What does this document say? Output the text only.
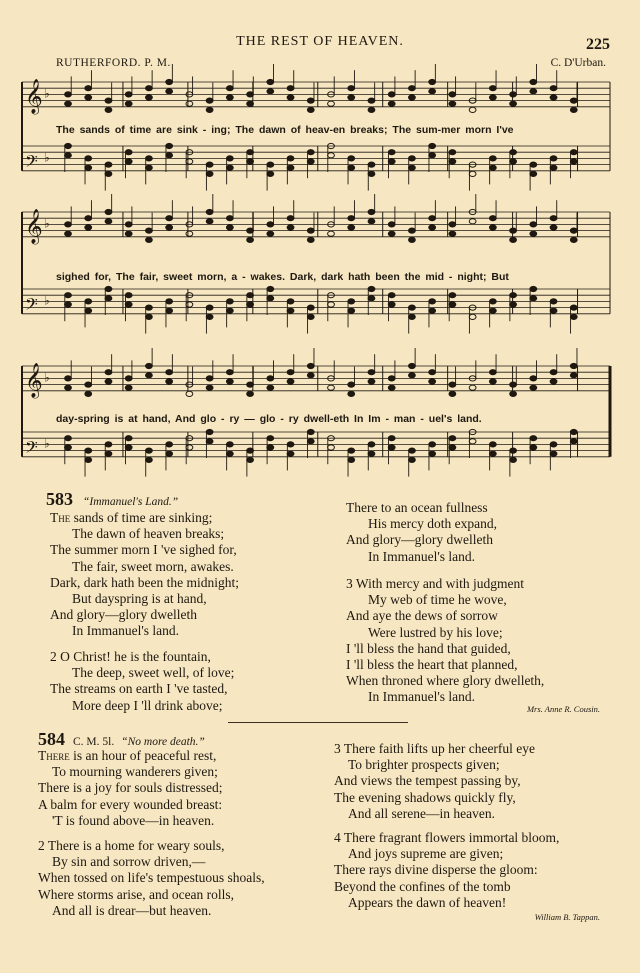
THE REST OF HEAVEN.	225
RUTHERFORD. P. M.	C. D'Urban.
𝄞 ♭
𝄢 ♭
𝄞 ♭
𝄢 ♭
𝄞 ♭
𝄢 ♭
The sands of time are sink - ing; The dawn of heav-en breaks; The sum-mer morn I've
sighed for, The fair, sweet morn, a - wakes. Dark, dark hath been the mid - night; But
day-spring is at hand, And glo - ry — glo - ry dwell-eth In Im - man - uel's land.
583 “Immanuel's Land.”
The sands of time are sinking;
The dawn of heaven breaks;
The summer morn I 've sighed for,
The fair, sweet morn, awakes.
Dark, dark hath been the midnight;
But dayspring is at hand,
And glory—glory dwelleth
In Immanuel's land.
2 O Christ! he is the fountain,
The deep, sweet well, of love;
The streams on earth I 've tasted,
More deep I 'll drink above;
There to an ocean fullness
His mercy doth expand,
And glory—glory dwelleth
In Immanuel's land.
3 With mercy and with judgment
My web of time he wove,
And aye the dews of sorrow
Were lustred by his love;
I 'll bless the hand that guided,
I 'll bless the heart that planned,
When throned where glory dwelleth,
In Immanuel's land.
Mrs. Anne R. Cousin.
584 C. M. 5l. “No more death.”
There is an hour of peaceful rest,
To mourning wanderers given;
There is a joy for souls distressed;
A balm for every wounded breast:
'T is found above—in heaven.
2 There is a home for weary souls,
By sin and sorrow driven,—
When tossed on life's tempestuous shoals,
Where storms arise, and ocean rolls,
And all is drear—but heaven.
3 There faith lifts up her cheerful eye
To brighter prospects given;
And views the tempest passing by,
The evening shadows quickly fly,
And all serene—in heaven.
4 There fragrant flowers immortal bloom,
And joys supreme are given;
There rays divine disperse the gloom:
Beyond the confines of the tomb
Appears the dawn of heaven!
William B. Tappan.
